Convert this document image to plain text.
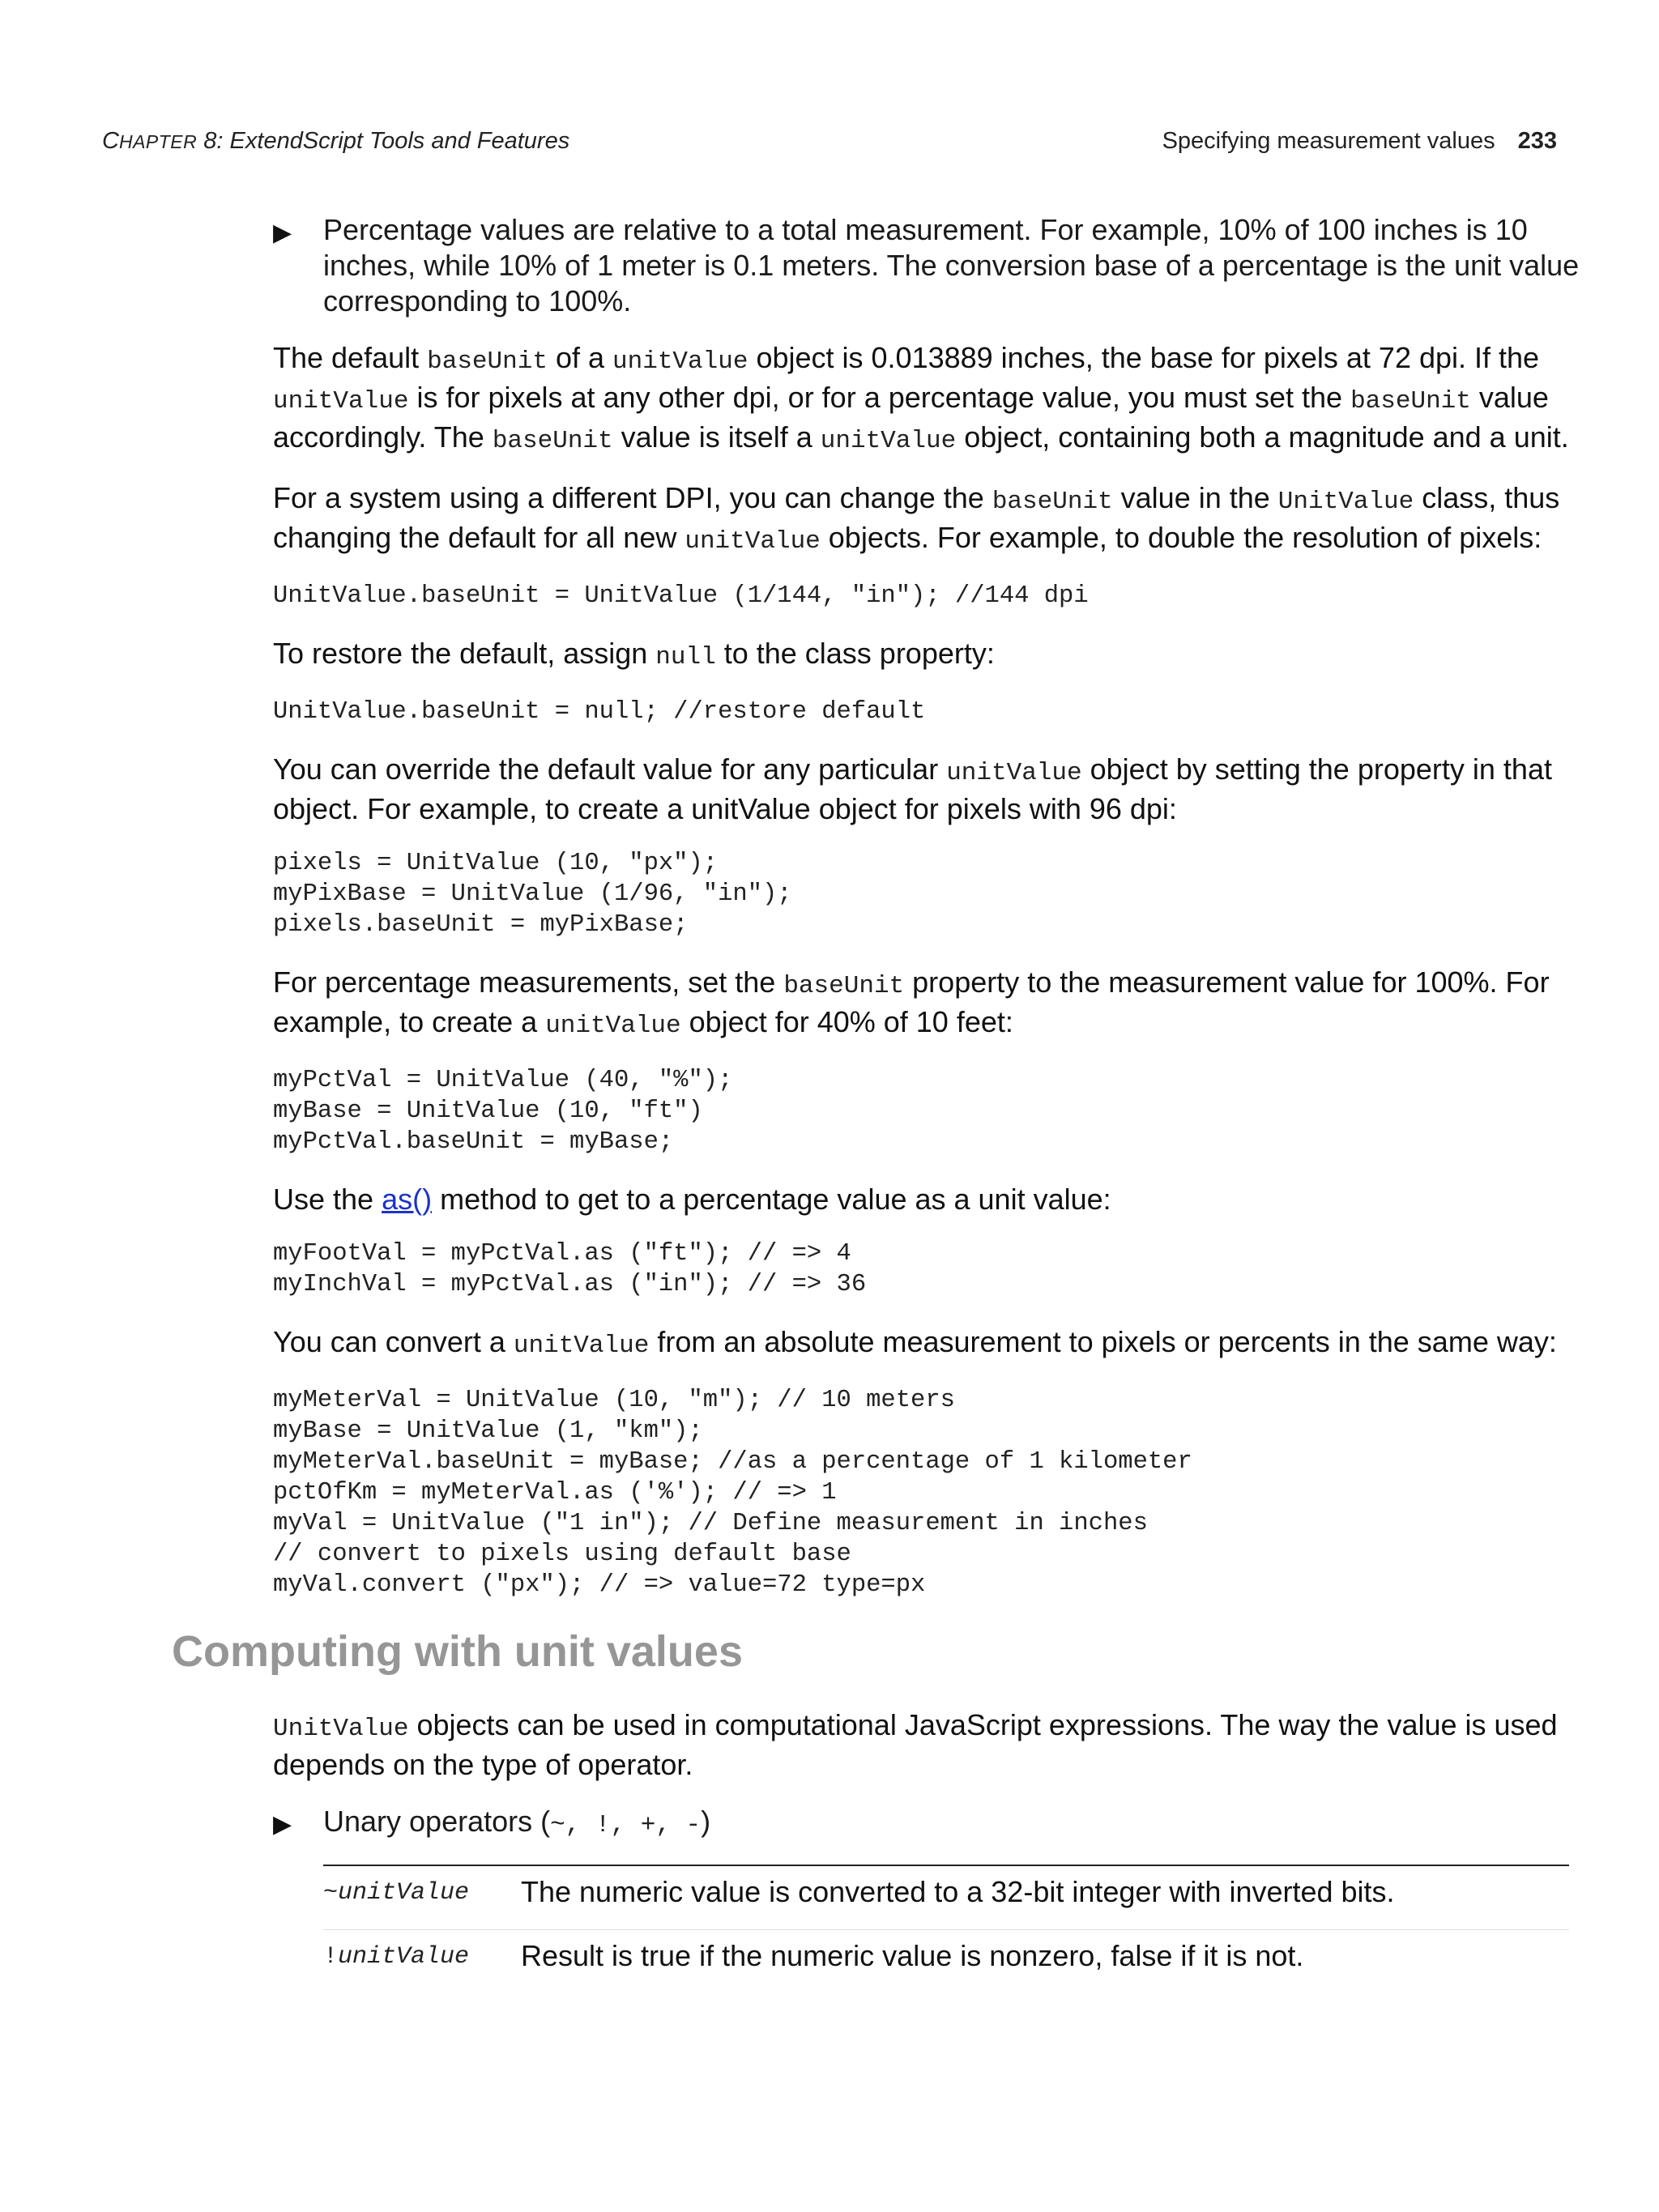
CHAPTER 8: ExtendScript Tools and Features	Specifying measurement values 233
▶ Percentage values are relative to a total measurement. For example, 10% of 100 inches is 10 inches, while 10% of 1 meter is 0.1 meters. The conversion base of a percentage is the unit value corresponding to 100%.

The default baseUnit of a unitValue object is 0.013889 inches, the base for pixels at 72 dpi. If the unitValue is for pixels at any other dpi, or for a percentage value, you must set the baseUnit value accordingly. The baseUnit value is itself a unitValue object, containing both a magnitude and a unit.

For a system using a different DPI, you can change the baseUnit value in the UnitValue class, thus changing the default for all new unitValue objects. For example, to double the resolution of pixels:

UnitValue.baseUnit = UnitValue (1/144, "in"); //144 dpi

To restore the default, assign null to the class property:

UnitValue.baseUnit = null; //restore default

You can override the default value for any particular unitValue object by setting the property in that object. For example, to create a unitValue object for pixels with 96 dpi:

pixels = UnitValue (10, "px");
myPixBase = UnitValue (1/96, "in");
pixels.baseUnit = myPixBase;

For percentage measurements, set the baseUnit property to the measurement value for 100%. For example, to create a unitValue object for 40% of 10 feet:

myPctVal = UnitValue (40, "%");
myBase = UnitValue (10, "ft")
myPctVal.baseUnit = myBase;

Use the as() method to get to a percentage value as a unit value:

myFootVal = myPctVal.as ("ft"); // => 4
myInchVal = myPctVal.as ("in"); // => 36

You can convert a unitValue from an absolute measurement to pixels or percents in the same way:

myMeterVal = UnitValue (10, "m"); // 10 meters
myBase = UnitValue (1, "km");
myMeterVal.baseUnit = myBase; //as a percentage of 1 kilometer
pctOfKm = myMeterVal.as ('%'); // => 1
myVal = UnitValue ("1 in"); // Define measurement in inches
// convert to pixels using default base
myVal.convert ("px"); // => value=72 type=px
Computing with unit values

UnitValue objects can be used in computational JavaScript expressions. The way the value is used depends on the type of operator.

▶ Unary operators (~, !, +, -)
~unitValue	The numeric value is converted to a 32-bit integer with inverted bits.
!unitValue	Result is true if the numeric value is nonzero, false if it is not.
